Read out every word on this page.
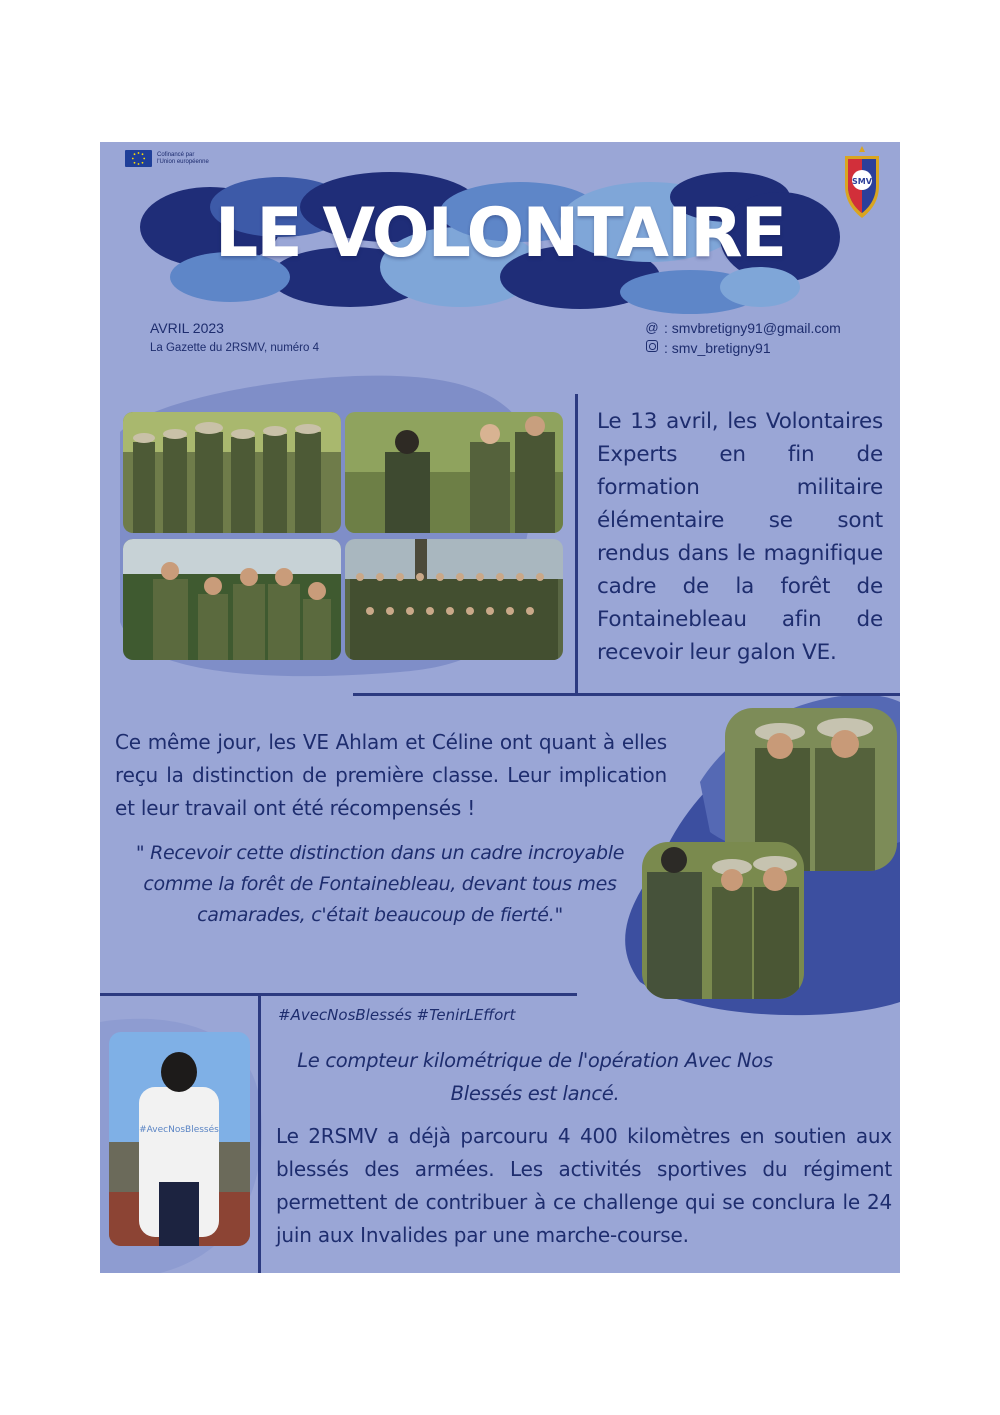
Cofinancé par
l'Union européenne
SMV
LE VOLONTAIRE
AVRIL 2023
La Gazette du 2RSMV, numéro 4
@ : smvbretigny91@gmail.com
: smv_bretigny91
Le 13 avril, les Volontaires Experts en fin de formation militaire élémentaire se sont rendus dans le magnifique cadre de la forêt de Fontainebleau afin de recevoir leur galon VE.
Ce même jour, les VE Ahlam et Céline ont quant à elles reçu la distinction de première classe. Leur implication et leur travail ont été récompensés !
" Recevoir cette distinction dans un cadre incroyable comme la forêt de Fontainebleau, devant tous mes camarades, c'était beaucoup de fierté."
#AvecNosBlessés
#AvecNosBlessés #TenirLEffort
Le compteur kilométrique de l'opération Avec Nos Blessés est lancé.
Le 2RSMV a déjà parcouru 4 400 kilomètres en soutien aux blessés des armées. Les activités sportives du régiment permettent de contribuer à ce challenge qui se conclura le 24 juin aux Invalides par une marche-course.
